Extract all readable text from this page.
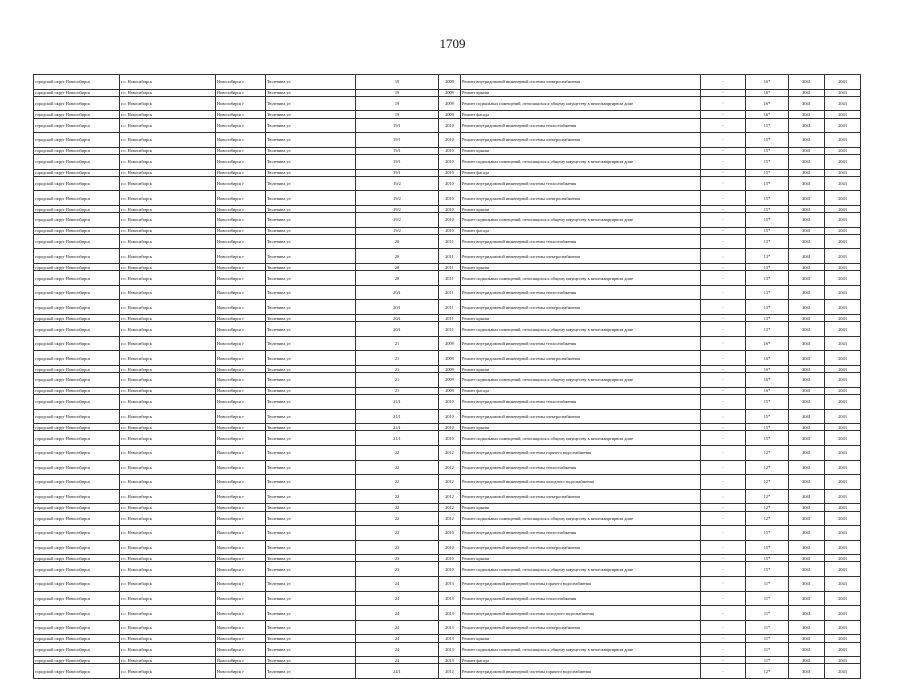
1709
городской округ Новосибирск	г.о. Новосибирск	Новосибирск г	Тюленина ул	19	2009	Ремонт внутридомовой инженерной системы электроснабжения	-	16*	2041	2043
городской округ Новосибирск	г.о. Новосибирск	Новосибирск г	Тюленина ул	19	2009	Ремонт крыши	-	16*	2041	2043
городской округ Новосибирск	г.о. Новосибирск	Новосибирск г	Тюленина ул	19	2009	Ремонт подвальных помещений, относящихся к общему имуществу в многоквартирном доме	-	16*	2041	2043
городской округ Новосибирск	г.о. Новосибирск	Новосибирск г	Тюленина ул	19	2009	Ремонт фасада	-	16*	2041	2043
городской округ Новосибирск	г.о. Новосибирск	Новосибирск г	Тюленина ул	19/1	2010	Ремонт внутридомовой инженерной системы теплоснабжения	-	15*	2041	2043
городской округ Новосибирск	г.о. Новосибирск	Новосибирск г	Тюленина ул	19/1	2010	Ремонт внутридомовой инженерной системы электроснабжения	-	15*	2041	2043
городской округ Новосибирск	г.о. Новосибирск	Новосибирск г	Тюленина ул	19/1	2010	Ремонт крыши	-	15*	2041	2043
городской округ Новосибирск	г.о. Новосибирск	Новосибирск г	Тюленина ул	19/1	2010	Ремонт подвальных помещений, относящихся к общему имуществу в многоквартирном доме	-	15*	2041	2043
городской округ Новосибирск	г.о. Новосибирск	Новосибирск г	Тюленина ул	19/1	2010	Ремонт фасада	-	15*	2041	2043
городской округ Новосибирск	г.о. Новосибирск	Новосибирск г	Тюленина ул	19/2	2010	Ремонт внутридомовой инженерной системы теплоснабжения	-	15*	2041	2043
городской округ Новосибирск	г.о. Новосибирск	Новосибирск г	Тюленина ул	19/2	2010	Ремонт внутридомовой инженерной системы электроснабжения	-	15*	2041	2043
городской округ Новосибирск	г.о. Новосибирск	Новосибирск г	Тюленина ул	19/2	2010	Ремонт крыши	-	15*	2041	2043
городской округ Новосибирск	г.о. Новосибирск	Новосибирск г	Тюленина ул	19/2	2010	Ремонт подвальных помещений, относящихся к общему имуществу в многоквартирном доме	-	15*	2041	2043
городской округ Новосибирск	г.о. Новосибирск	Новосибирск г	Тюленина ул	19/2	2010	Ремонт фасада	-	15*	2041	2043
городской округ Новосибирск	г.о. Новосибирск	Новосибирск г	Тюленина ул	20	2011	Ремонт внутридомовой инженерной системы теплоснабжения	-	13*	2041	2043
городской округ Новосибирск	г.о. Новосибирск	Новосибирск г	Тюленина ул	20	2011	Ремонт внутридомовой инженерной системы электроснабжения	-	13*	2041	2043
городской округ Новосибирск	г.о. Новосибирск	Новосибирск г	Тюленина ул	20	2011	Ремонт крыши	-	13*	2041	2043
городской округ Новосибирск	г.о. Новосибирск	Новосибирск г	Тюленина ул	20	2011	Ремонт подвальных помещений, относящихся к общему имуществу в многоквартирном доме	-	13*	2041	2043
городской округ Новосибирск	г.о. Новосибирск	Новосибирск г	Тюленина ул	20/1	2011	Ремонт внутридомовой инженерной системы теплоснабжения	-	13*	2041	2043
городской округ Новосибирск	г.о. Новосибирск	Новосибирск г	Тюленина ул	20/1	2011	Ремонт внутридомовой инженерной системы электроснабжения	-	13*	2041	2043
городской округ Новосибирск	г.о. Новосибирск	Новосибирск г	Тюленина ул	20/1	2011	Ремонт крыши	-	13*	2041	2043
городской округ Новосибирск	г.о. Новосибирск	Новосибирск г	Тюленина ул	20/1	2011	Ремонт подвальных помещений, относящихся к общему имуществу в многоквартирном доме	-	13*	2041	2043
городской округ Новосибирск	г.о. Новосибирск	Новосибирск г	Тюленина ул	21	2009	Ремонт внутридомовой инженерной системы теплоснабжения	-	16*	2041	2043
городской округ Новосибирск	г.о. Новосибирск	Новосибирск г	Тюленина ул	21	2009	Ремонт внутридомовой инженерной системы электроснабжения	-	16*	2041	2043
городской округ Новосибирск	г.о. Новосибирск	Новосибирск г	Тюленина ул	21	2009	Ремонт крыши	-	16*	2041	2043
городской округ Новосибирск	г.о. Новосибирск	Новосибирск г	Тюленина ул	21	2009	Ремонт подвальных помещений, относящихся к общему имуществу в многоквартирном доме	-	16*	2041	2043
городской округ Новосибирск	г.о. Новосибирск	Новосибирск г	Тюленина ул	21	2009	Ремонт фасада	-	16*	2041	2043
городской округ Новосибирск	г.о. Новосибирск	Новосибирск г	Тюленина ул	21/1	2010	Ремонт внутридомовой инженерной системы теплоснабжения	-	15*	2041	2043
городской округ Новосибирск	г.о. Новосибирск	Новосибирск г	Тюленина ул	21/1	2010	Ремонт внутридомовой инженерной системы электроснабжения	-	15*	2041	2043
городской округ Новосибирск	г.о. Новосибирск	Новосибирск г	Тюленина ул	21/1	2010	Ремонт крыши	-	15*	2041	2043
городской округ Новосибирск	г.о. Новосибирск	Новосибирск г	Тюленина ул	21/1	2010	Ремонт подвальных помещений, относящихся к общему имуществу в многоквартирном доме	-	15*	2041	2043
городской округ Новосибирск	г.о. Новосибирск	Новосибирск г	Тюленина ул	22	2012	Ремонт внутридомовой инженерной системы горячего водоснабжения	-	12*	2041	2043
городской округ Новосибирск	г.о. Новосибирск	Новосибирск г	Тюленина ул	22	2012	Ремонт внутридомовой инженерной системы теплоснабжения	-	12*	2041	2043
городской округ Новосибирск	г.о. Новосибирск	Новосибирск г	Тюленина ул	22	2012	Ремонт внутридомовой инженерной системы холодного водоснабжения	-	12*	2041	2043
городской округ Новосибирск	г.о. Новосибирск	Новосибирск г	Тюленина ул	22	2012	Ремонт внутридомовой инженерной системы электроснабжения	-	12*	2041	2043
городской округ Новосибирск	г.о. Новосибирск	Новосибирск г	Тюленина ул	22	2012	Ремонт крыши	-	12*	2041	2043
городской округ Новосибирск	г.о. Новосибирск	Новосибирск г	Тюленина ул	22	2012	Ремонт подвальных помещений, относящихся к общему имуществу в многоквартирном доме	-	12*	2041	2043
городской округ Новосибирск	г.о. Новосибирск	Новосибирск г	Тюленина ул	23	2010	Ремонт внутридомовой инженерной системы теплоснабжения	-	15*	2041	2043
городской округ Новосибирск	г.о. Новосибирск	Новосибирск г	Тюленина ул	23	2010	Ремонт внутридомовой инженерной системы электроснабжения	-	15*	2041	2043
городской округ Новосибирск	г.о. Новосибирск	Новосибирск г	Тюленина ул	23	2010	Ремонт крыши	-	15*	2041	2043
городской округ Новосибирск	г.о. Новосибирск	Новосибирск г	Тюленина ул	23	2010	Ремонт подвальных помещений, относящихся к общему имуществу в многоквартирном доме	-	15*	2041	2043
городской округ Новосибирск	г.о. Новосибирск	Новосибирск г	Тюленина ул	24	2013	Ремонт внутридомовой инженерной системы горячего водоснабжения	-	11*	2041	2043
городской округ Новосибирск	г.о. Новосибирск	Новосибирск г	Тюленина ул	24	2013	Ремонт внутридомовой инженерной системы теплоснабжения	-	11*	2041	2043
городской округ Новосибирск	г.о. Новосибирск	Новосибирск г	Тюленина ул	24	2013	Ремонт внутридомовой инженерной системы холодного водоснабжения	-	11*	2041	2043
городской округ Новосибирск	г.о. Новосибирск	Новосибирск г	Тюленина ул	24	2013	Ремонт внутридомовой инженерной системы электроснабжения	-	11*	2041	2043
городской округ Новосибирск	г.о. Новосибирск	Новосибирск г	Тюленина ул	24	2013	Ремонт крыши	-	11*	2041	2043
городской округ Новосибирск	г.о. Новосибирск	Новосибирск г	Тюленина ул	24	2013	Ремонт подвальных помещений, относящихся к общему имуществу в многоквартирном доме	-	11*	2041	2043
городской округ Новосибирск	г.о. Новосибирск	Новосибирск г	Тюленина ул	24	2013	Ремонт фасада	-	11*	2041	2043
городской округ Новосибирск	г.о. Новосибирск	Новосибирск г	Тюленина ул	24/1	2012	Ремонт внутридомовой инженерной системы горячего водоснабжения	-	12*	2041	2043
